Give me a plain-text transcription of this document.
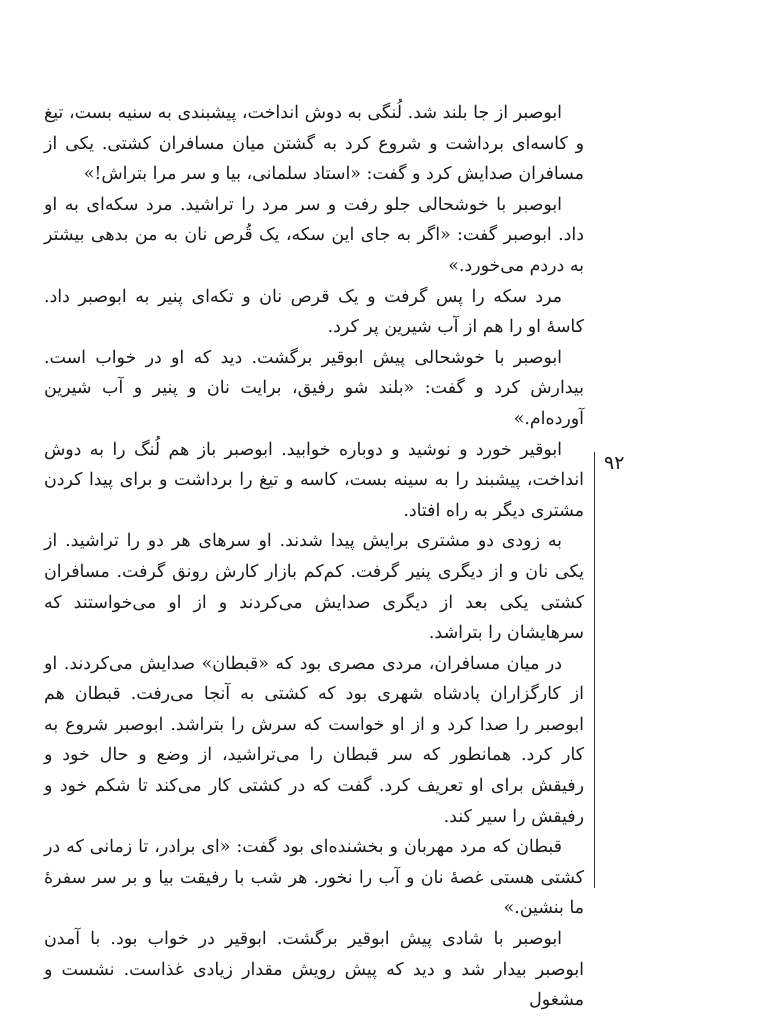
ابوصبر از جا بلند شد. لُنگی به دوش انداخت، پیشبندی به سنیه بست، تیغ و کاسه‌ای برداشت و شروع کرد به گشتن میان مسافران کشتی. یکی از مسافران صدایش کرد و گفت: «استاد سلمانی، بیا و سر مرا بتراش!»

ابوصبر با خوشحالی جلو رفت و سر مرد را تراشید. مرد سکه‌ای به او داد. ابوصبر گفت: «اگر به جای این سکه، یک قُرص نان به من بدهی بیشتر به دردم می‌خورد.»

مرد سکه را پس گرفت و یک قرص نان و تکه‌ای پنیر به ابوصبر داد. کاسهٔ او را هم از آب شیرین پر کرد.

ابوصبر با خوشحالی پیش ابوقیر برگشت. دید که او در خواب است. بیدارش کرد و گفت: «بلند شو رفیق، برایت نان و پنیر و آب شیرین آورده‌ام.»

ابوقیر خورد و نوشید و دوباره خوابید. ابوصبر باز هم لُنگ را به دوش انداخت، پیشبند را به سینه بست، کاسه و تیغ را برداشت و برای پیدا کردن مشتری دیگر به راه افتاد.

به زودی دو مشتری برایش پیدا شدند. او سرهای هر دو را تراشید. از یکی نان و از دیگری پنیر گرفت. کم‌کم بازار کارش رونق گرفت. مسافران کشتی یکی بعد از دیگری صدایش می‌کردند و از او می‌خواستند که سرهایشان را بتراشد.

در میان مسافران، مردی مصری بود که «قبطان» صدایش می‌کردند. او از کارگزاران پادشاه شهری بود که کشتی به آنجا می‌رفت. قبطان هم ابوصبر را صدا کرد و از او خواست که سرش را بتراشد. ابوصبر شروع به کار کرد. همانطور که سر قبطان را می‌تراشید، از وضع و حال خود و رفیقش برای او تعریف کرد. گفت که در کشتی کار می‌کند تا شکم خود و رفیقش را سیر کند.

قبطان که مرد مهربان و بخشنده‌ای بود گفت: «ای برادر، تا زمانی که در کشتی هستی غصهٔ نان و آب را نخور. هر شب با رفیقت بیا و بر سر سفرهٔ ما بنشین.»

ابوصبر با شادی پیش ابوقیر برگشت. ابوقیر در خواب بود. با آمدن ابوصبر بیدار شد و دید که پیش رویش مقدار زیادی غذاست. نشست و مشغول

۹۲
